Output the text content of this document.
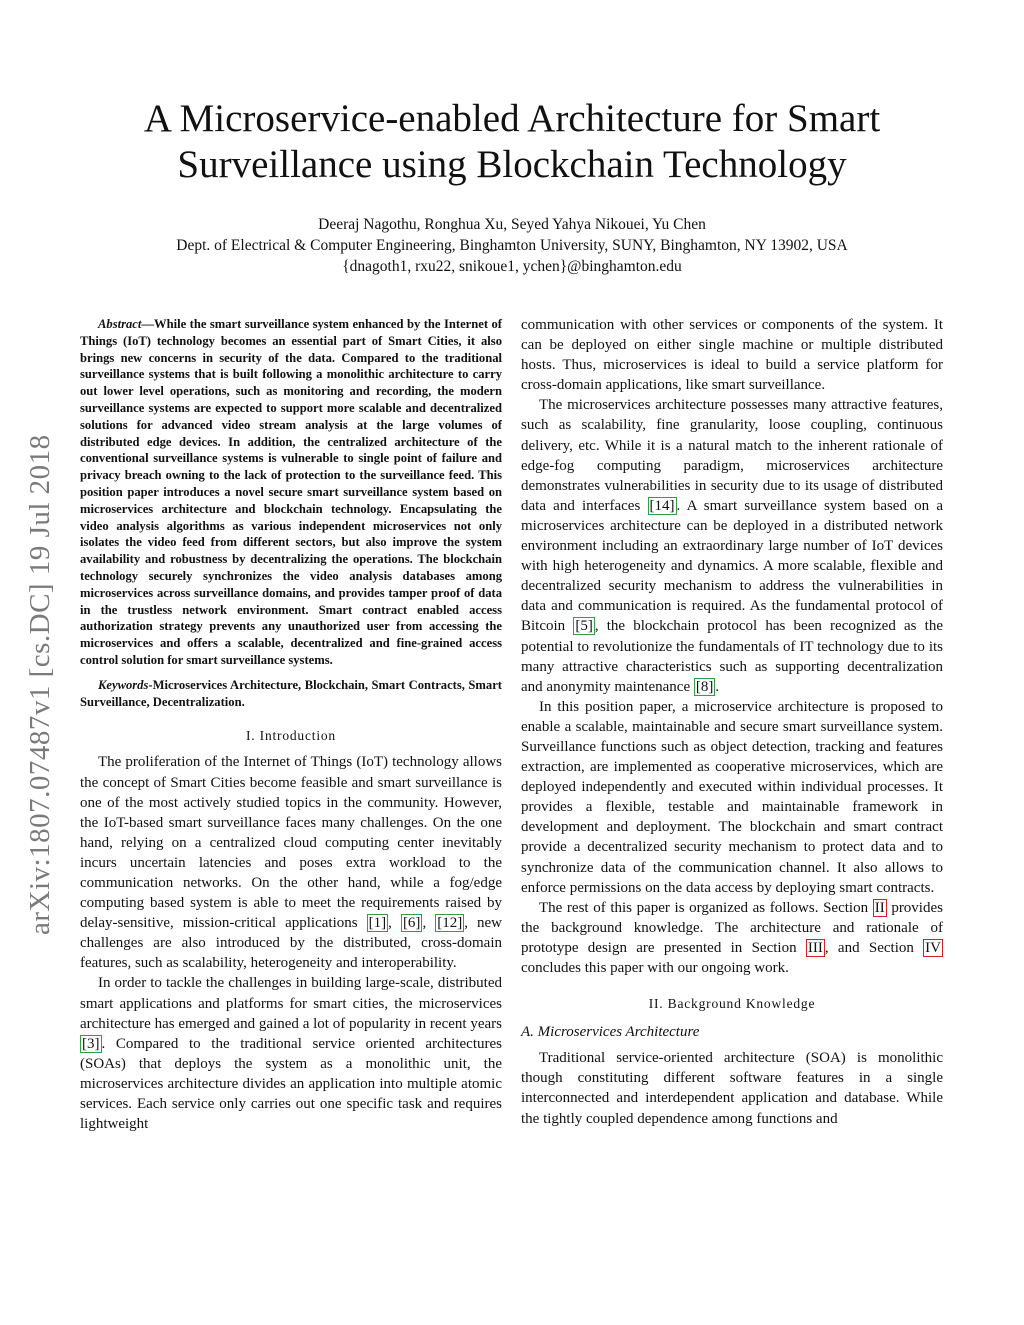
A Microservice-enabled Architecture for Smart
Surveillance using Blockchain Technology
Deeraj Nagothu, Ronghua Xu, Seyed Yahya Nikouei, Yu Chen
Dept. of Electrical & Computer Engineering, Binghamton University, SUNY, Binghamton, NY 13902, USA
{dnagoth1, rxu22, snikoue1, ychen}@binghamton.edu
arXiv:1807.07487v1 [cs.DC] 19 Jul 2018

Abstract—While the smart surveillance system enhanced by the Internet of Things (IoT) technology becomes an essential part of Smart Cities, it also brings new concerns in security of the data. Compared to the traditional surveillance systems that is built following a monolithic architecture to carry out lower level operations, such as monitoring and recording, the modern surveillance systems are expected to support more scalable and decentralized solutions for advanced video stream analysis at the large volumes of distributed edge devices. In addition, the centralized architecture of the conventional surveillance systems is vulnerable to single point of failure and privacy breach owning to the lack of protection to the surveillance feed. This position paper introduces a novel secure smart surveillance system based on microservices architecture and blockchain technology. Encapsulating the video analysis algorithms as various independent microservices not only isolates the video feed from different sectors, but also improve the system availability and robustness by decentralizing the operations. The blockchain technology securely synchronizes the video analysis databases among microservices across surveillance domains, and provides tamper proof of data in the trustless network environment. Smart contract enabled access authorization strategy prevents any unauthorized user from accessing the microservices and offers a scalable, decentralized and fine-grained access control solution for smart surveillance systems.

Keywords-Microservices Architecture, Blockchain, Smart Contracts, Smart Surveillance, Decentralization.

I. Introduction

The proliferation of the Internet of Things (IoT) technology allows the concept of Smart Cities become feasible and smart surveillance is one of the most actively studied topics in the community. However, the IoT-based smart surveillance faces many challenges. On the one hand, relying on a centralized cloud computing center inevitably incurs uncertain latencies and poses extra workload to the communication networks. On the other hand, while a fog/edge computing based system is able to meet the requirements raised by delay-sensitive, mission-critical applications [1] , [6] , [12] , new challenges are also introduced by the distributed, cross-domain features, such as scalability, heterogeneity and interoperability.

In order to tackle the challenges in building large-scale, distributed smart applications and platforms for smart cities, the microservices architecture has emerged and gained a lot of popularity in recent years [3] . Compared to the traditional service oriented architectures (SOAs) that deploys the system as a monolithic unit, the microservices architecture divides an application into multiple atomic services. Each service only carries out one specific task and requires lightweight

communication with other services or components of the system. It can be deployed on either single machine or multiple distributed hosts. Thus, microservices is ideal to build a service platform for cross-domain applications, like smart surveillance.

The microservices architecture possesses many attractive features, such as scalability, fine granularity, loose coupling, continuous delivery, etc. While it is a natural match to the inherent rationale of edge-fog computing paradigm, microservices architecture demonstrates vulnerabilities in security due to its usage of distributed data and interfaces [14] . A smart surveillance system based on a microservices architecture can be deployed in a distributed network environment including an extraordinary large number of IoT devices with high heterogeneity and dynamics. A more scalable, flexible and decentralized security mechanism to address the vulnerabilities in data and communication is required. As the fundamental protocol of Bitcoin [5] , the blockchain protocol has been recognized as the potential to revolutionize the fundamentals of IT technology due to its many attractive characteristics such as supporting decentralization and anonymity maintenance [8] .

In this position paper, a microservice architecture is proposed to enable a scalable, maintainable and secure smart surveillance system. Surveillance functions such as object detection, tracking and features extraction, are implemented as cooperative microservices, which are deployed independently and executed within individual processes. It provides a flexible, testable and maintainable framework in development and deployment. The blockchain and smart contract provide a decentralized security mechanism to protect data and to synchronize data of the communication channel. It also allows to enforce permissions on the data access by deploying smart contracts.

The rest of this paper is organized as follows. Section II provides the background knowledge. The architecture and rationale of prototype design are presented in Section III , and Section IV concludes this paper with our ongoing work.

II. Background Knowledge
A. Microservices Architecture

Traditional service-oriented architecture (SOA) is monolithic though constituting different software features in a single interconnected and interdependent application and database. While the tightly coupled dependence among functions and
